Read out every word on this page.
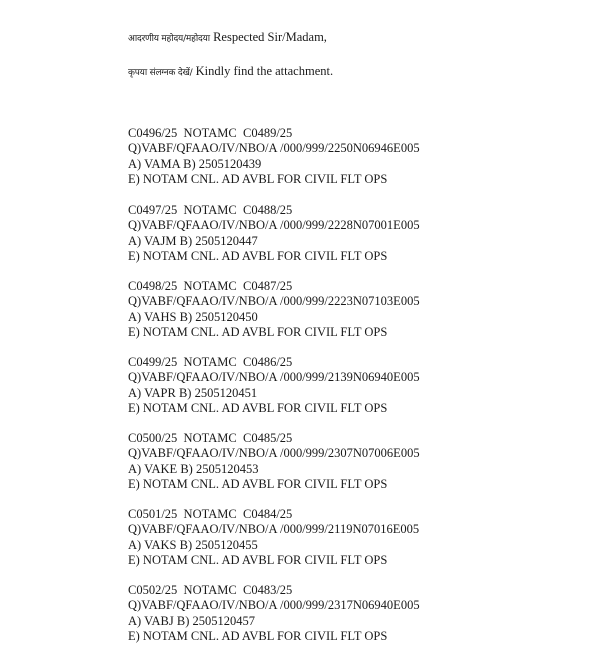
आदरणीय महोदय/महोदया Respected Sir/Madam,
कृपया संलग्नक देखें/ Kindly find the attachment.
C0496/25  NOTAMC  C0489/25
Q)VABF/QFAAO/IV/NBO/A /000/999/2250N06946E005
A) VAMA B) 2505120439
E) NOTAM CNL. AD AVBL FOR CIVIL FLT OPS
C0497/25  NOTAMC  C0488/25
Q)VABF/QFAAO/IV/NBO/A /000/999/2228N07001E005
A) VAJM B) 2505120447
E) NOTAM CNL. AD AVBL FOR CIVIL FLT OPS
C0498/25  NOTAMC  C0487/25
Q)VABF/QFAAO/IV/NBO/A /000/999/2223N07103E005
A) VAHS B) 2505120450
E) NOTAM CNL. AD AVBL FOR CIVIL FLT OPS
C0499/25  NOTAMC  C0486/25
Q)VABF/QFAAO/IV/NBO/A /000/999/2139N06940E005
A) VAPR B) 2505120451
E) NOTAM CNL. AD AVBL FOR CIVIL FLT OPS
C0500/25  NOTAMC  C0485/25
Q)VABF/QFAAO/IV/NBO/A /000/999/2307N07006E005
A) VAKE B) 2505120453
E) NOTAM CNL. AD AVBL FOR CIVIL FLT OPS
C0501/25  NOTAMC  C0484/25
Q)VABF/QFAAO/IV/NBO/A /000/999/2119N07016E005
A) VAKS B) 2505120455
E) NOTAM CNL. AD AVBL FOR CIVIL FLT OPS
C0502/25  NOTAMC  C0483/25
Q)VABF/QFAAO/IV/NBO/A /000/999/2317N06940E005
A) VABJ B) 2505120457
E) NOTAM CNL. AD AVBL FOR CIVIL FLT OPS
